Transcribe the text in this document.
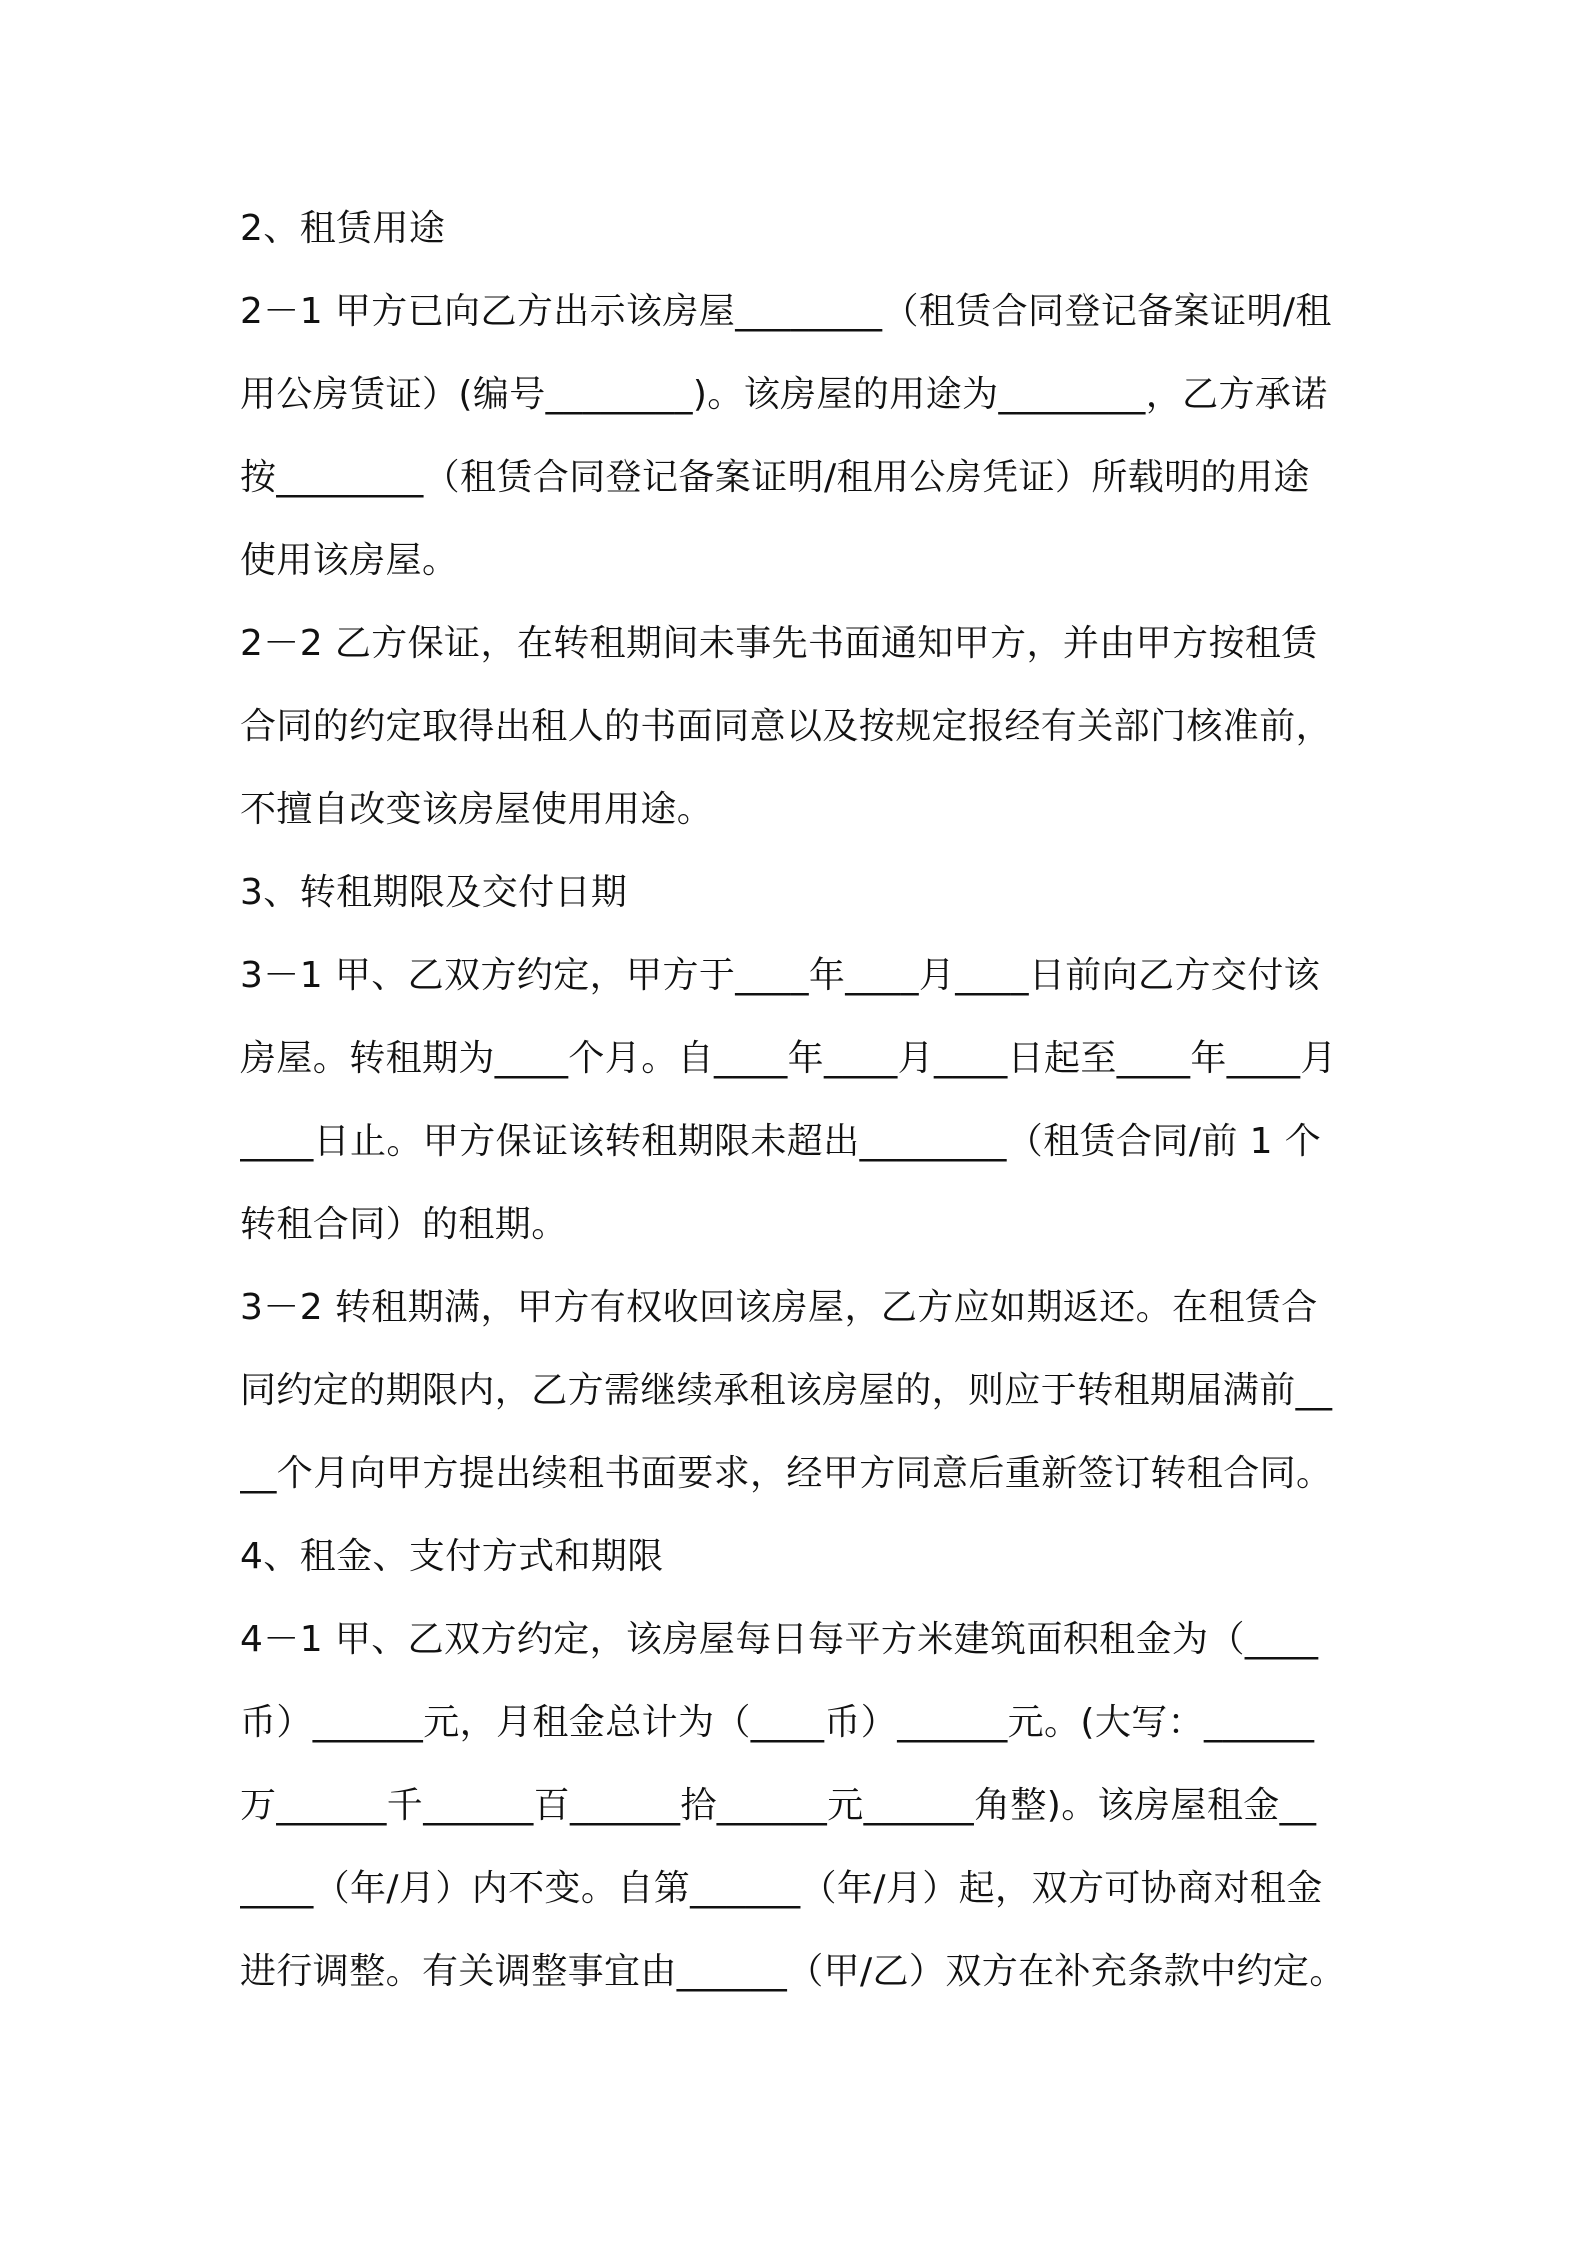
2、租赁用途
2－1 甲方已向乙方出示该房屋________（租赁合同登记备案证明/租
用公房赁证）(编号________)。该房屋的用途为________，乙方承诺
按________（租赁合同登记备案证明/租用公房凭证）所载明的用途
使用该房屋。
2－2 乙方保证，在转租期间未事先书面通知甲方，并由甲方按租赁
合同的约定取得出租人的书面同意以及按规定报经有关部门核准前，
不擅自改变该房屋使用用途。
3、转租期限及交付日期
3－1 甲、乙双方约定，甲方于____年____月____日前向乙方交付该
房屋。转租期为____个月。自____年____月____日起至____年____月
____日止。甲方保证该转租期限未超出________（租赁合同/前 1 个
转租合同）的租期。
3－2 转租期满，甲方有权收回该房屋，乙方应如期返还。在租赁合
同约定的期限内，乙方需继续承租该房屋的，则应于转租期届满前__
__个月向甲方提出续租书面要求，经甲方同意后重新签订转租合同。
4、租金、支付方式和期限
4－1 甲、乙双方约定，该房屋每日每平方米建筑面积租金为（____
币）______元，月租金总计为（____币）______元。(大写：______
万______千______百______拾______元______角整)。该房屋租金__
____（年/月）内不变。自第______（年/月）起，双方可协商对租金
进行调整。有关调整事宜由______（甲/乙）双方在补充条款中约定。
